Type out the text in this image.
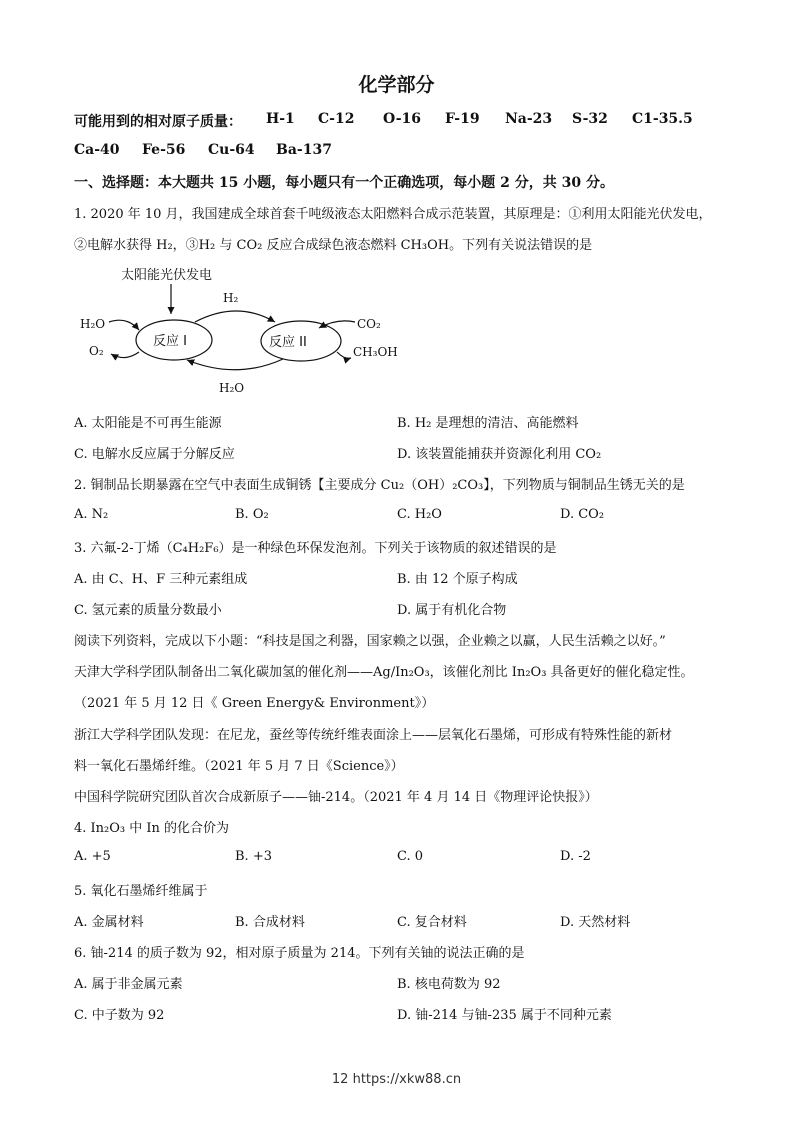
化学部分
可能用到的相对原子质量： H-1 C-12 O-16 F-19 Na-23 S-32 C1-35.5
Ca-40 Fe-56 Cu-64 Ba-137
一、选择题：本大题共 15 小题，每小题只有一个正确选项，每小题 2 分，共 30 分。
1. 2020 年 10 月，我国建成全球首套千吨级液态太阳燃料合成示范装置，其原理是：①利用太阳能光伏发电，
②电解水获得 H₂，③H₂ 与 CO₂ 反应合成绿色液态燃料 CH₃OH。下列有关说法错误的是
太阳能光伏发电
反应 I	反应 II
H₂
H₂O
H₂O
O₂
CO₂
CH₃OH
A. 太阳能是不可再生能源	B. H₂ 是理想的清洁、高能燃料
C. 电解水反应属于分解反应	D. 该装置能捕获并资源化利用 CO₂
2. 铜制品长期暴露在空气中表面生成铜锈【主要成分 Cu₂（OH）₂CO₃】，下列物质与铜制品生锈无关的是
A. N₂	B. O₂	C. H₂O	D. CO₂
3. 六氟-2-丁烯（C₄H₂F₆）是一种绿色环保发泡剂。下列关于该物质的叙述错误的是
A. 由 C、H、F 三种元素组成	B. 由 12 个原子构成
C. 氢元素的质量分数最小	D. 属于有机化合物
阅读下列资料，完成以下小题：“科技是国之利器，国家赖之以强，企业赖之以赢，人民生活赖之以好。”
天津大学科学团队制备出二氧化碳加氢的催化剂——Ag/In₂O₃，该催化剂比 In₂O₃ 具备更好的催化稳定性。
（2021 年 5 月 12 日《 Green Energy& Environment》）
浙江大学科学团队发现：在尼龙，蚕丝等传统纤维表面涂上——层氧化石墨烯，可形成有特殊性能的新材
料一氧化石墨烯纤维。（2021 年 5 月 7 日《Science》）
中国科学院研究团队首次合成新原子——铀-214。（2021 年 4 月 14 日《物理评论快报》）
4. In₂O₃ 中 In 的化合价为
A. +5	B. +3	C. 0	D. -2
5. 氧化石墨烯纤维属于
A. 金属材料	B. 合成材料	C. 复合材料	D. 天然材料
6. 铀-214 的质子数为 92，相对原子质量为 214。下列有关铀的说法正确的是
A. 属于非金属元素	B. 核电荷数为 92
C. 中子数为 92	D. 铀-214 与铀-235 属于不同种元素
12 https://xkw88.cn
